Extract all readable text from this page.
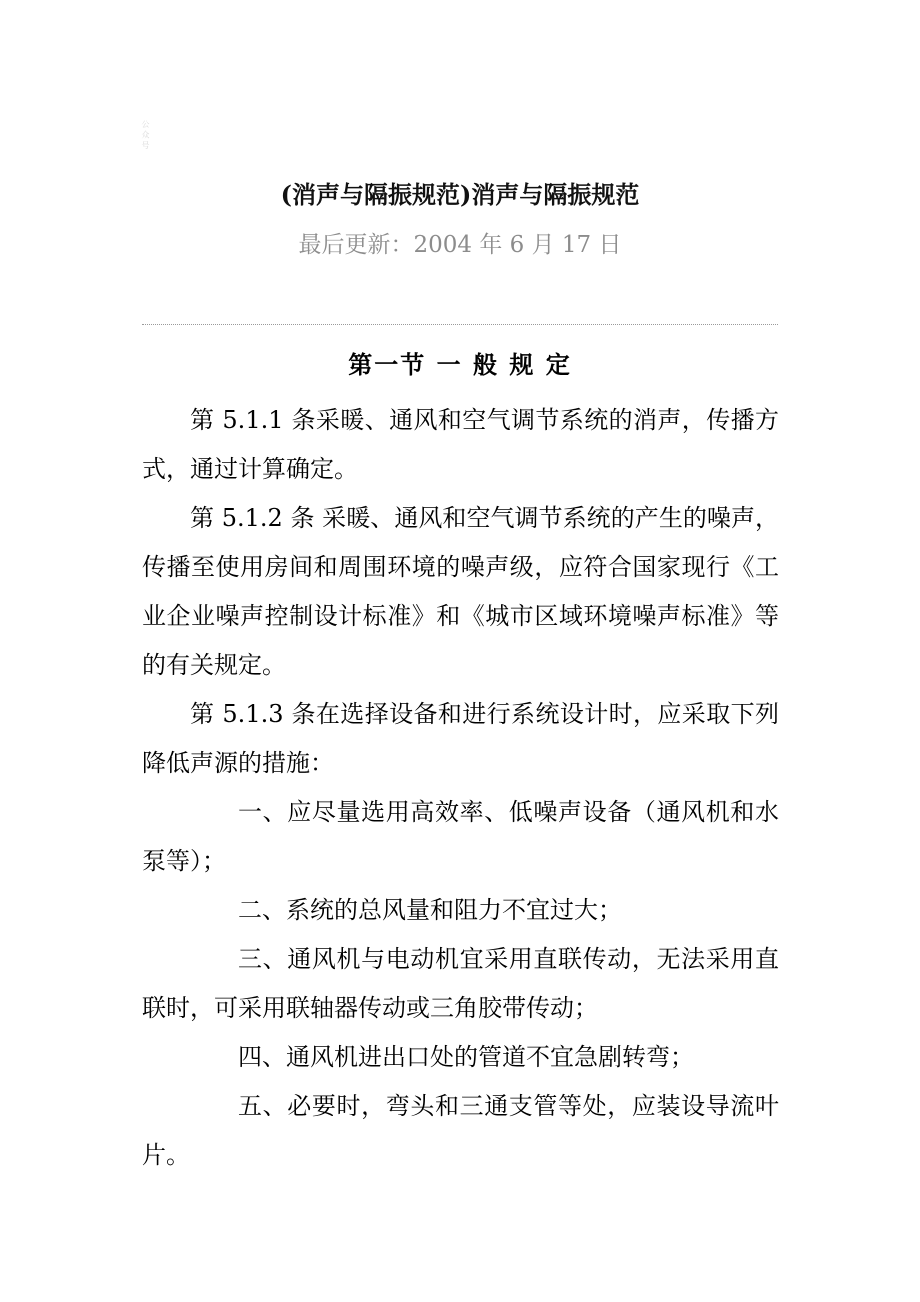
公 众 号
(消声与隔振规范)消声与隔振规范
最后更新：2004 年 6 月 17 日
第一节 一 般 规 定

第 5.1.1 条采暖、通风和空气调节系统的消声，传播方式，通过计算确定。

第 5.1.2 条 采暖、通风和空气调节系统的产生的噪声，传播至使用房间和周围环境的噪声级，应符合国家现行《工业企业噪声控制设计标准》和《城市区域环境噪声标准》等的有关规定。

第 5.1.3 条在选择设备和进行系统设计时，应采取下列降低声源的措施：

一、应尽量选用高效率、低噪声设备（通风机和水泵等）；

二、系统的总风量和阻力不宜过大；

三、通风机与电动机宜采用直联传动，无法采用直联时，可采用联轴器传动或三角胶带传动；

四、通风机进出口处的管道不宜急剧转弯；

五、必要时，弯头和三通支管等处，应装设导流叶片。
